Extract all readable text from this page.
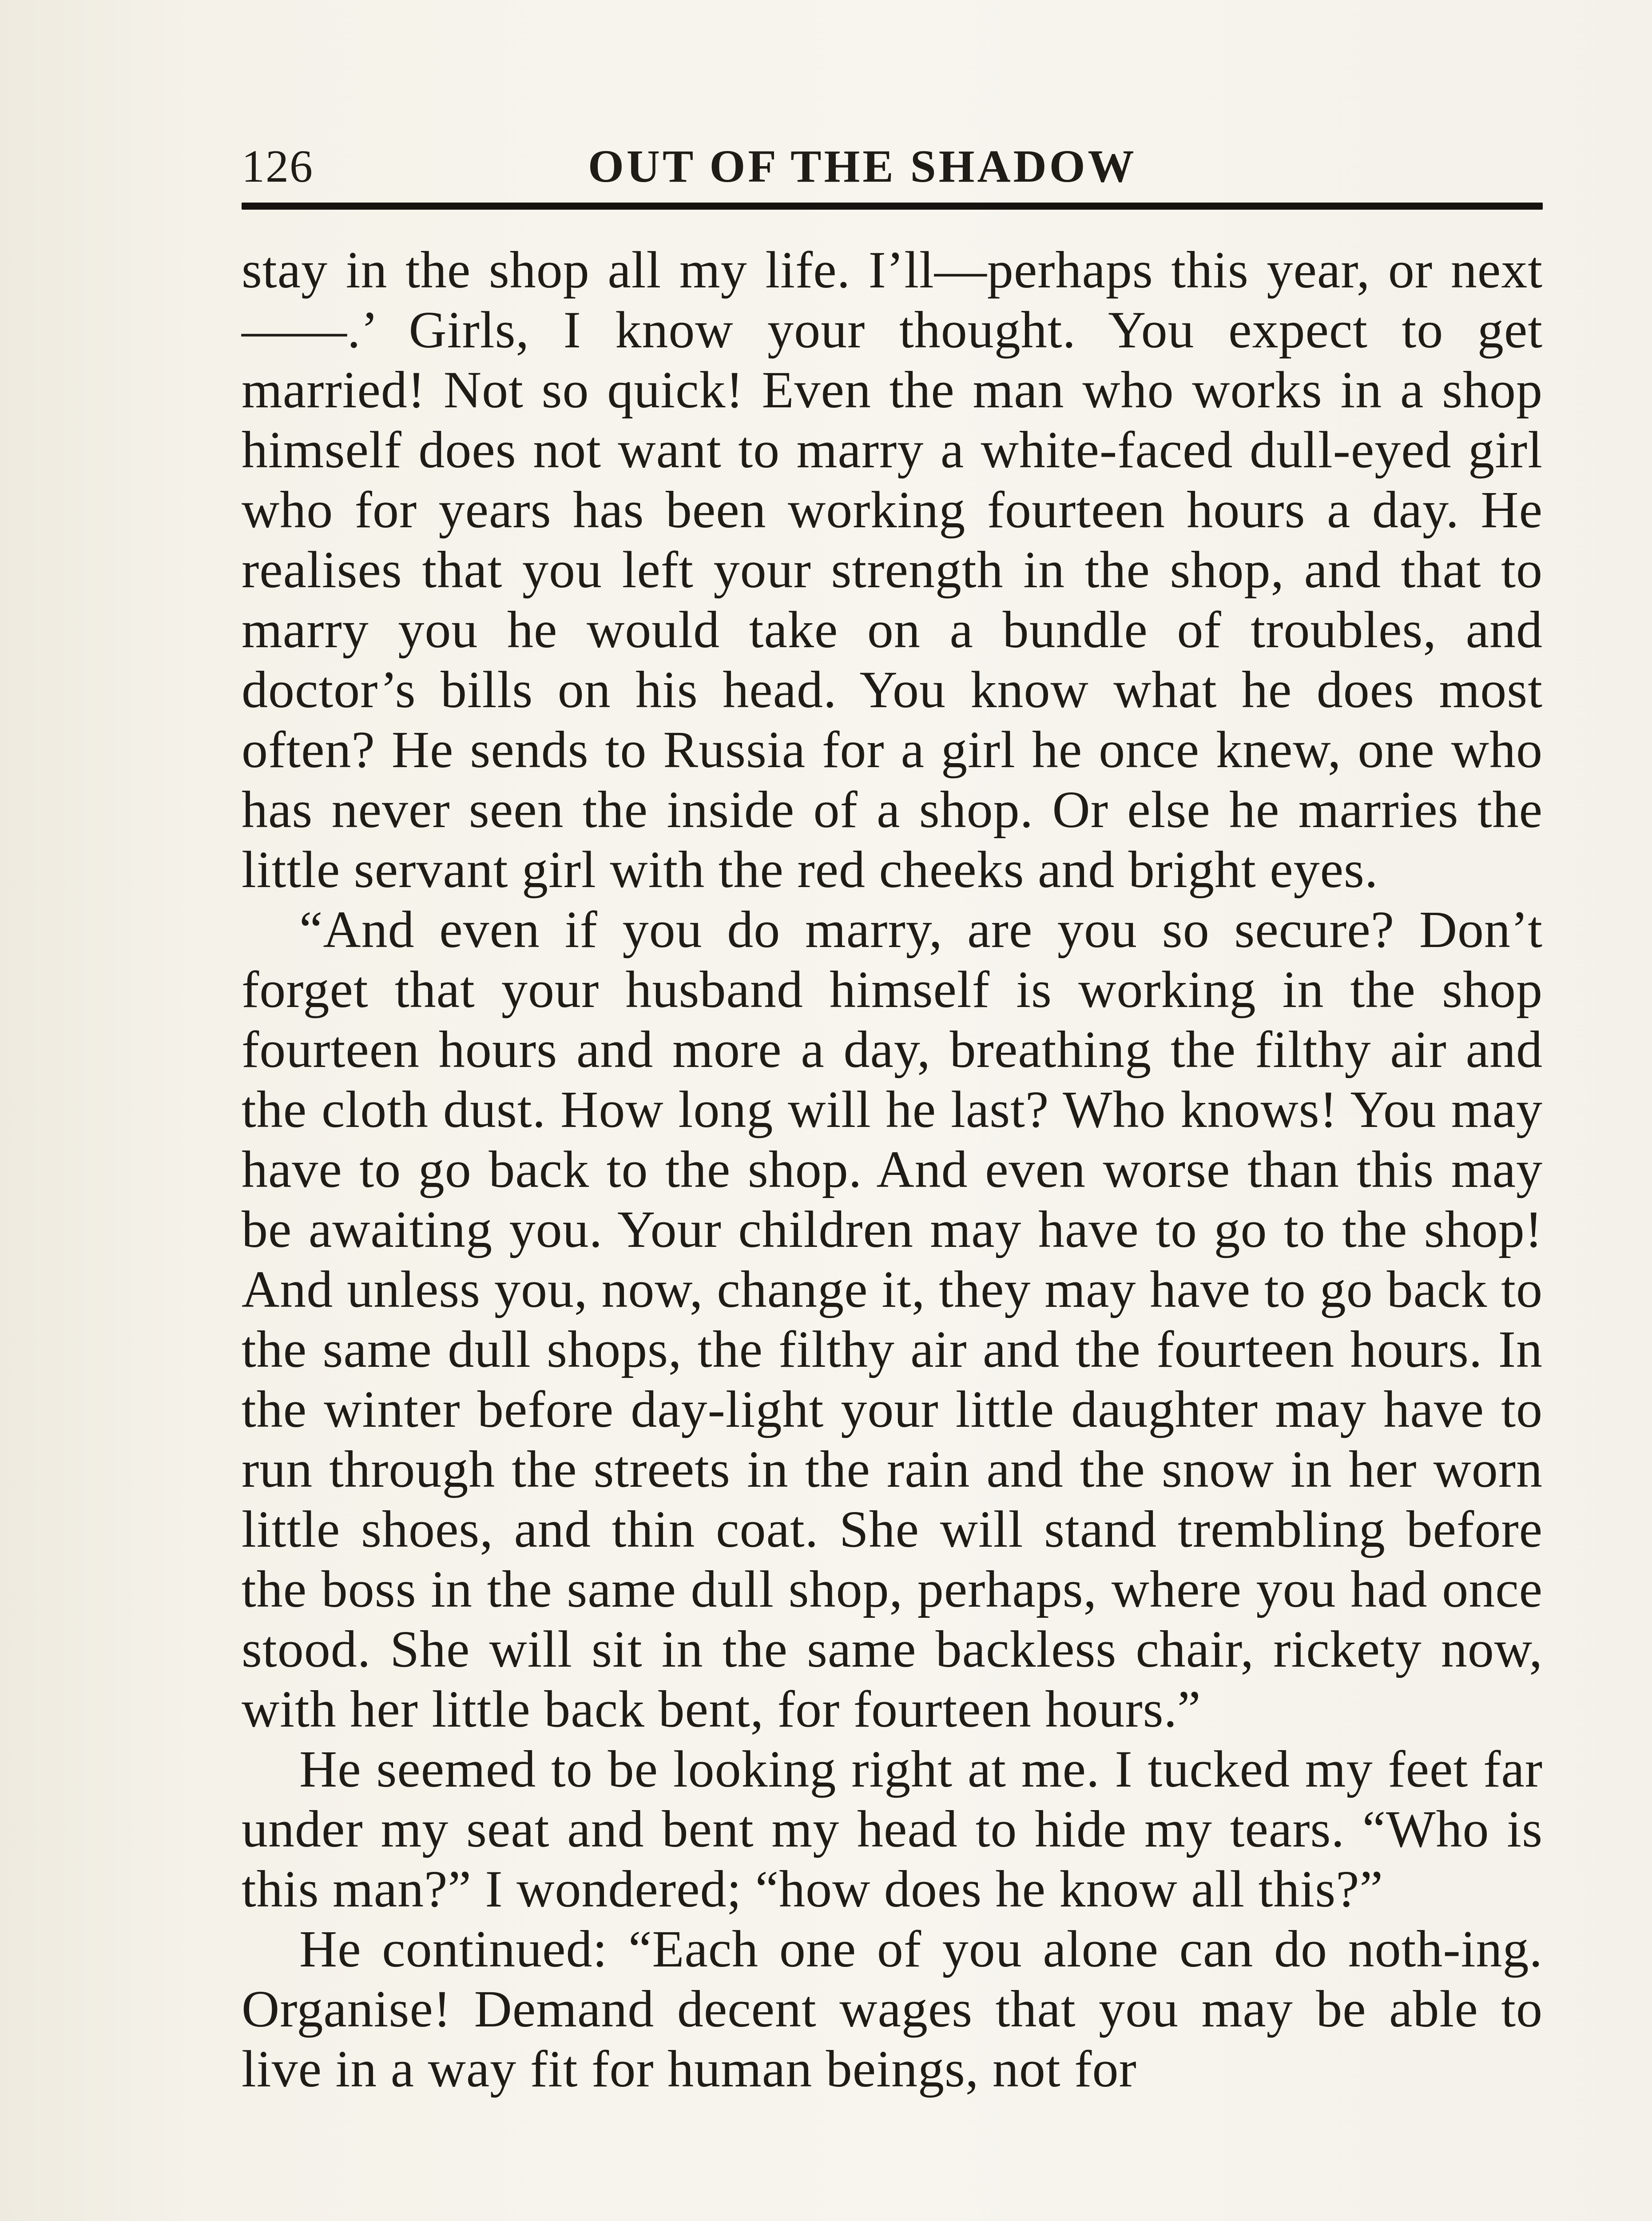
126	OUT OF THE SHADOW

stay in the shop all my life. I’ll—perhaps this year, or next——.’ Girls, I know your thought. You expect to get married! Not so quick! Even the man who works in a shop himself does not want to marry a white-faced dull-eyed girl who for years has been working fourteen hours a day. He realises that you left your strength in the shop, and that to marry you he would take on a bundle of troubles, and doctor’s bills on his head. You know what he does most often? He sends to Russia for a girl he once knew, one who has never seen the inside of a shop. Or else he marries the little servant girl with the red cheeks and bright eyes.

“And even if you do marry, are you so secure? Don’t forget that your husband himself is working in the shop fourteen hours and more a day, breathing the filthy air and the cloth dust. How long will he last? Who knows! You may have to go back to the shop. And even worse than this may be awaiting you. Your children may have to go to the shop! And unless you, now, change it, they may have to go back to the same dull shops, the filthy air and the fourteen hours. In the winter before day-light your little daughter may have to run through the streets in the rain and the snow in her worn little shoes, and thin coat. She will stand trembling before the boss in the same dull shop, perhaps, where you had once stood. She will sit in the same backless chair, rickety now, with her little back bent, for fourteen hours.”

He seemed to be looking right at me. I tucked my feet far under my seat and bent my head to hide my tears. “Who is this man?” I wondered; “how does he know all this?”

He continued: “Each one of you alone can do noth-ing. Organise! Demand decent wages that you may be able to live in a way fit for human beings, not for
